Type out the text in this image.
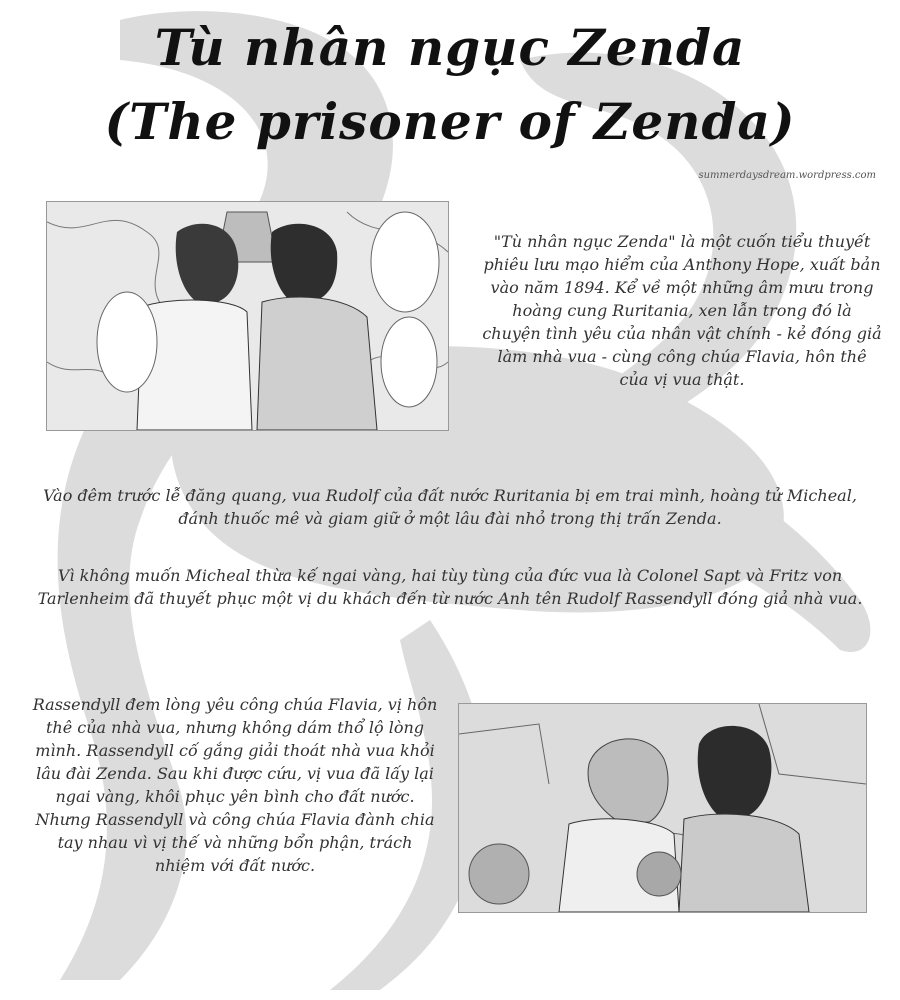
Tù nhân ngục Zenda
(The prisoner of Zenda)
summerdaysdream.wordpress.com

"Tù nhân ngục Zenda" là một cuốn tiểu thuyết phiêu lưu mạo hiểm của Anthony Hope, xuất bản vào năm 1894. Kể về một những âm mưu trong hoàng cung Ruritania, xen lẫn trong đó là chuyện tình yêu của nhân vật chính - kẻ đóng giả làm nhà vua - cùng công chúa Flavia, hôn thê của vị vua thật.

Vào đêm trước lễ đăng quang, vua Rudolf của đất nước Ruritania bị em trai mình, hoàng tử Micheal, đánh thuốc mê và giam giữ ở một lâu đài nhỏ trong thị trấn Zenda.

Vì không muốn Micheal thừa kế ngai vàng, hai tùy tùng của đức vua là Colonel Sapt và Fritz von Tarlenheim đã thuyết phục một vị du khách đến từ nước Anh tên Rudolf Rassendyll đóng giả nhà vua.

Rassendyll đem lòng yêu công chúa Flavia, vị hôn thê của nhà vua, nhưng không dám thổ lộ lòng mình. Rassendyll cố gắng giải thoát nhà vua khỏi lâu đài Zenda. Sau khi được cứu, vị vua đã lấy lại ngai vàng, khôi phục yên bình cho đất nước. Nhưng Rassendyll và công chúa Flavia đành chia tay nhau vì vị thế và những bổn phận, trách nhiệm với đất nước.
